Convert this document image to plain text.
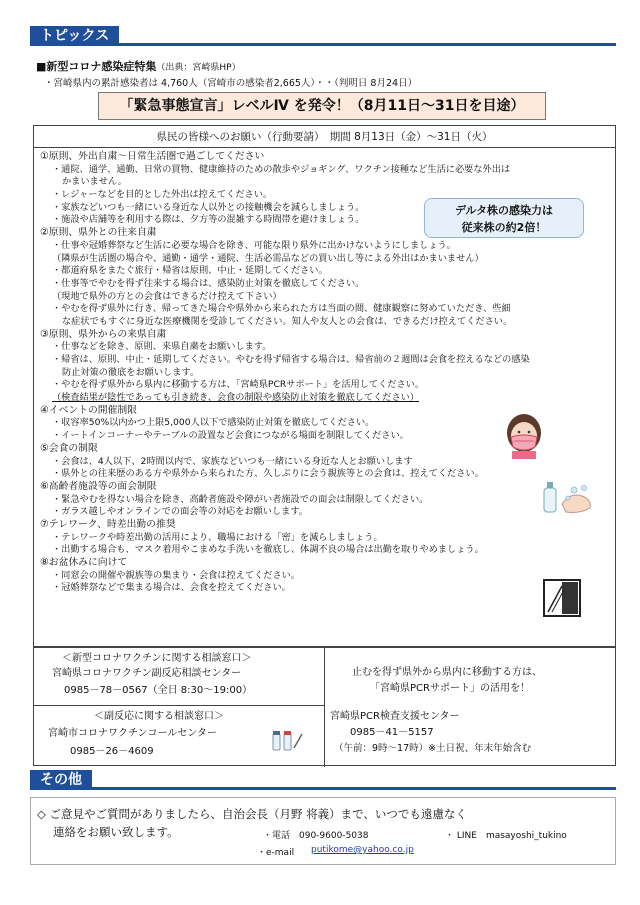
トピックス
■新型コロナ感染症特集（出典：宮崎県HP）
・宮崎県内の累計感染者は 4,760人（宮崎市の感染者2,665人）・・（判明日 8月24日）
「緊急事態宣言」レベルⅣ を発令！（8月11日～31日を目途）
県民の皆様へのお願い（行動要請）　期間 8月13日（金）～31日（火）
①原則、外出自粛～日常生活圏で過ごしてください
・通院、通学、通勤、日常の買物、健康維持のための散歩やジョギング、ワクチン接種など生活に必要な外出は
かまいません。
・レジャーなどを目的とした外出は控えてください。
・家族などいつも一緒にいる身近な人以外との接触機会を減らしましょう。
・施設や店舗等を利用する際は、夕方等の混雑する時間帯を避けましょう。
②原則、県外との往来自粛
・仕事や冠婚葬祭など生活に必要な場合を除き、可能な限り県外に出かけないようにしましょう。
（隣県が生活圏の場合や、通勤・通学・通院、生活必需品などの買い出し等による外出はかまいません）
・都道府県をまたぐ旅行・帰省は原則、中止・延期してください。
・仕事等でやむを得ず往来する場合は、感染防止対策を徹底してください。
（現地で県外の方との会食はできるだけ控えて下さい）
・やむを得ず県外に行き、帰ってきた場合や県外から来られた方は当面の間、健康観察に努めていただき、些細
な症状でもすぐに身近な医療機関を受診してください。知人や友人との会食は、できるだけ控えてください。
③原則、県外からの来県自粛
・仕事などを除き、原則、来県自粛をお願いします。
・帰省は、原則、中止・延期してください。やむを得ず帰省する場合は、帰省前の２週間は会食を控えるなどの感染
防止対策の徹底をお願いします。
・やむを得ず県外から県内に移動する方は、「宮崎県PCRサポート」を活用してください。
（検査結果が陰性であっても引き続き、会食の制限や感染防止対策を徹底してください）
④イベントの開催制限
・収容率50%以内かつ上限5,000人以下で感染防止対策を徹底してください。
・イートインコーナーやテーブルの設置など会食につながる場面を制限してください。
⑤会食の制限
・会食は、4人以下、2時間以内で、家族などいつも一緒にいる身近な人とお願いします
・県外との往来歴のある方や県外から来られた方、久しぶりに会う親族等との会食は、控えてください。
⑥高齢者施設等の面会制限
・緊急やむを得ない場合を除き、高齢者施設や障がい者施設での面会は制限してください。
・ガラス越しやオンラインでの面会等の対応をお願いします。
⑦テレワーク、時差出勤の推奨
・テレワークや時差出勤の活用により、職場における「密」を減らしましょう。
・出勤する場合も、マスク着用やこまめな手洗いを徹底し、体調不良の場合は出勤を取りやめましょう。
⑧お盆休みに向けて
・同窓会の開催や親族等の集まり・会食は控えてください。
・冠婚葬祭などで集まる場合は、会食を控えてください。
デルタ株の感染力は
従来株の約2倍！
＜新型コロナワクチンに関する相談窓口＞
宮崎県コロナワクチン副反応相談センター
0985－78－0567（全日 8:30～19:00）
＜副反応に関する相談窓口＞
宮崎市コロナワクチンコールセンター
0985－26－4609
止むを得ず県外から県内に移動する方は、
「宮崎県PCRサポート」の活用を！
宮崎県PCR検査支援センター
0985－41－5157
（午前：9時～17時）※土日祝、年末年始含む
その他
◇ ご意見やご質問がありましたら、自治会長（月野 将義）まで、いつでも遠慮なく
連絡をお願い致します。	・電話　090-9600-5038	・ LINE　masayoshi_tukino
・e-mail putikome@yahoo.co.jp
